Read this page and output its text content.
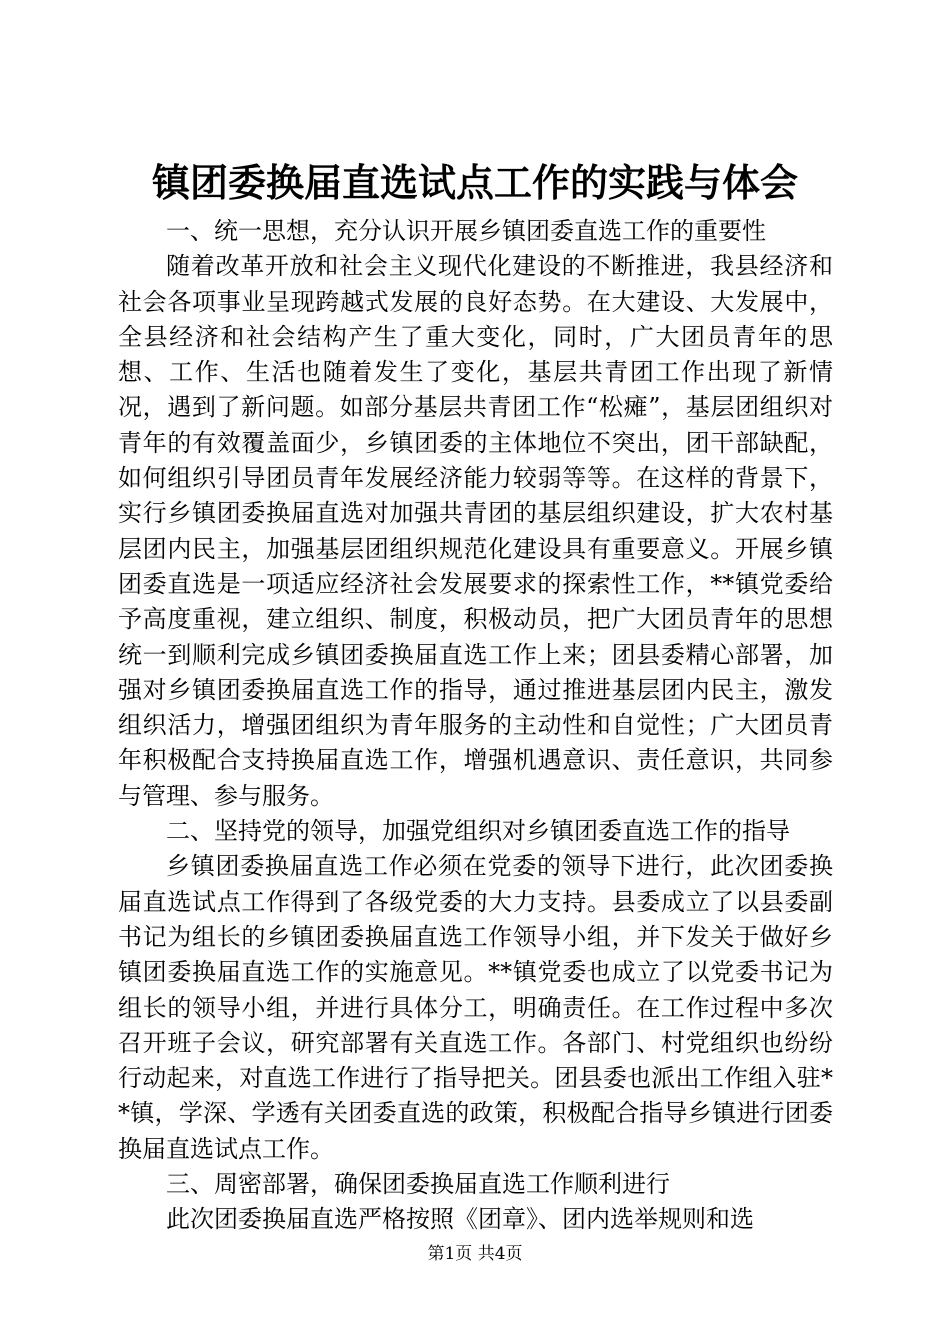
镇团委换届直选试点工作的实践与体会

一、统一思想，充分认识开展乡镇团委直选工作的重要性

随着改革开放和社会主义现代化建设的不断推进，我县经济和社会各项事业呈现跨越式发展的良好态势。在大建设、大发展中，全县经济和社会结构产生了重大变化，同时，广大团员青年的思想、工作、生活也随着发生了变化，基层共青团工作出现了新情况，遇到了新问题。如部分基层共青团工作“松瘫”，基层团组织对青年的有效覆盖面少，乡镇团委的主体地位不突出，团干部缺配，如何组织引导团员青年发展经济能力较弱等等。在这样的背景下，实行乡镇团委换届直选对加强共青团的基层组织建设，扩大农村基层团内民主，加强基层团组织规范化建设具有重要意义。开展乡镇团委直选是一项适应经济社会发展要求的探索性工作，**镇党委给予高度重视，建立组织、制度，积极动员，把广大团员青年的思想统一到顺利完成乡镇团委换届直选工作上来；团县委精心部署，加强对乡镇团委换届直选工作的指导，通过推进基层团内民主，激发组织活力，增强团组织为青年服务的主动性和自觉性；广大团员青年积极配合支持换届直选工作，增强机遇意识、责任意识，共同参与管理、参与服务。

二、坚持党的领导，加强党组织对乡镇团委直选工作的指导

乡镇团委换届直选工作必须在党委的领导下进行，此次团委换届直选试点工作得到了各级党委的大力支持。县委成立了以县委副书记为组长的乡镇团委换届直选工作领导小组，并下发关于做好乡镇团委换届直选工作的实施意见。**镇党委也成立了以党委书记为组长的领导小组，并进行具体分工，明确责任。在工作过程中多次召开班子会议，研究部署有关直选工作。各部门、村党组织也纷纷行动起来，对直选工作进行了指导把关。团县委也派出工作组入驻**镇，学深、学透有关团委直选的政策，积极配合指导乡镇进行团委换届直选试点工作。

三、周密部署，确保团委换届直选工作顺利进行

此次团委换届直选严格按照《团章》、团内选举规则和选

第1页 共4页
